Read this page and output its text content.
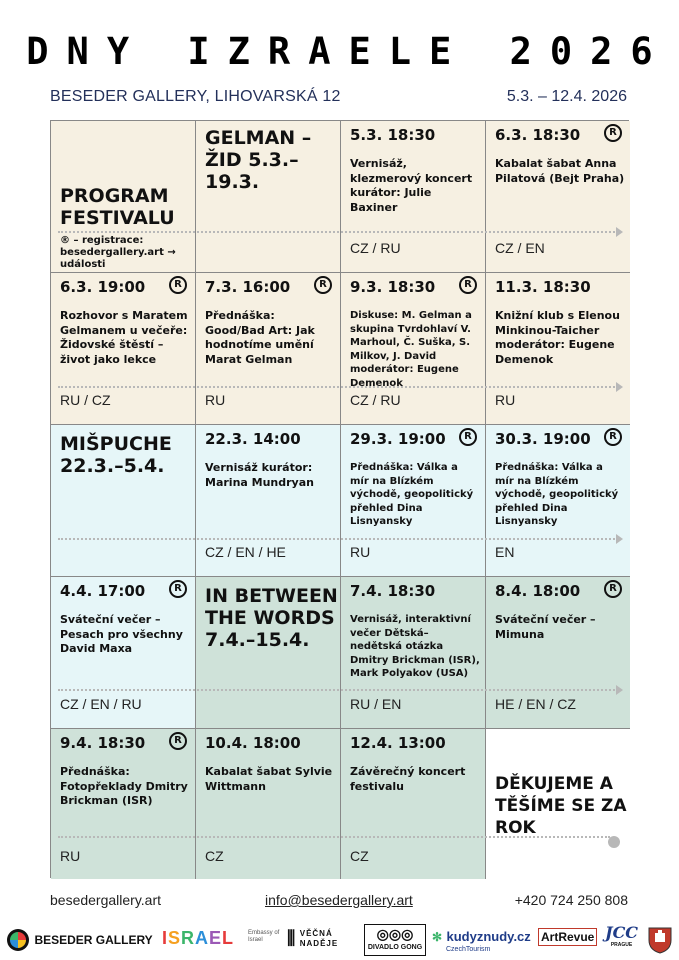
DNY IZRAELE 2026
BESEDER GALLERY, LIHOVARSKÁ 12	5.3. – 12.4. 2026
PROGRAM FESTIVALU
® – registrace: besedergallery.art → události
GELMAN – ŽID 5.3.–19.3.
5.3. 18:30
Vernisáž, klezmerový koncert kurátor: Julie Baxiner
CZ / RU
6.3. 18:30	R
Kabalat šabat Anna Pilatová (Bejt Praha)
CZ / EN
6.3. 19:00	R
Rozhovor s Maratem Gelmanem u večeře: Židovské štěstí – život jako lekce
RU / CZ
7.3. 16:00	R
Přednáška: Good/Bad Art: Jak hodnotíme umění Marat Gelman
RU
9.3. 18:30	R
Diskuse: M. Gelman a skupina Tvrdohlaví V. Marhoul, Č. Suška, S. Milkov, J. David moderátor: Eugene Demenok
CZ / RU
11.3. 18:30
Knižní klub s Elenou Minkinou-Taicher moderátor: Eugene Demenok
RU
MIŠPUCHE 22.3.–5.4.
22.3. 14:00
Vernisáž kurátor: Marina Mundryan
CZ / EN / HE
29.3. 19:00	R
Přednáška: Válka a mír na Blízkém východě, geopolitický přehled Dina Lisnyansky
RU
30.3. 19:00	R
Přednáška: Válka a mír na Blízkém východě, geopolitický přehled Dina Lisnyansky
EN
4.4. 17:00	R
Sváteční večer – Pesach pro všechny David Maxa
CZ / EN / RU
IN BETWEEN THE WORDS 7.4.–15.4.
7.4. 18:30
Vernisáž, interaktivní večer Dětská– nedětská otázka Dmitry Brickman (ISR), Mark Polyakov (USA)
RU / EN
8.4. 18:00	R
Sváteční večer – Mimuna
HE / EN / CZ
9.4. 18:30	R
Přednáška: Fotopřeklady Dmitry Brickman (ISR)
RU
10.4. 18:00
Kabalat šabat Sylvie Wittmann
CZ
12.4. 13:00
Závěrečný koncert festivalu
CZ
DĚKUJEME A TĚŠÍME SE ZA ROK
besedergallery.art	info@besedergallery.art	+420 724 250 808
BESEDER GALLERY ISRAEL Embassy of Israel	⫼ VĚČNÁ NADĚJE
◎◎◎
DIVADLO GONG
✻ kudyznudy.cz
CzechTourism
ArtRevue JCC
PRAGUE
